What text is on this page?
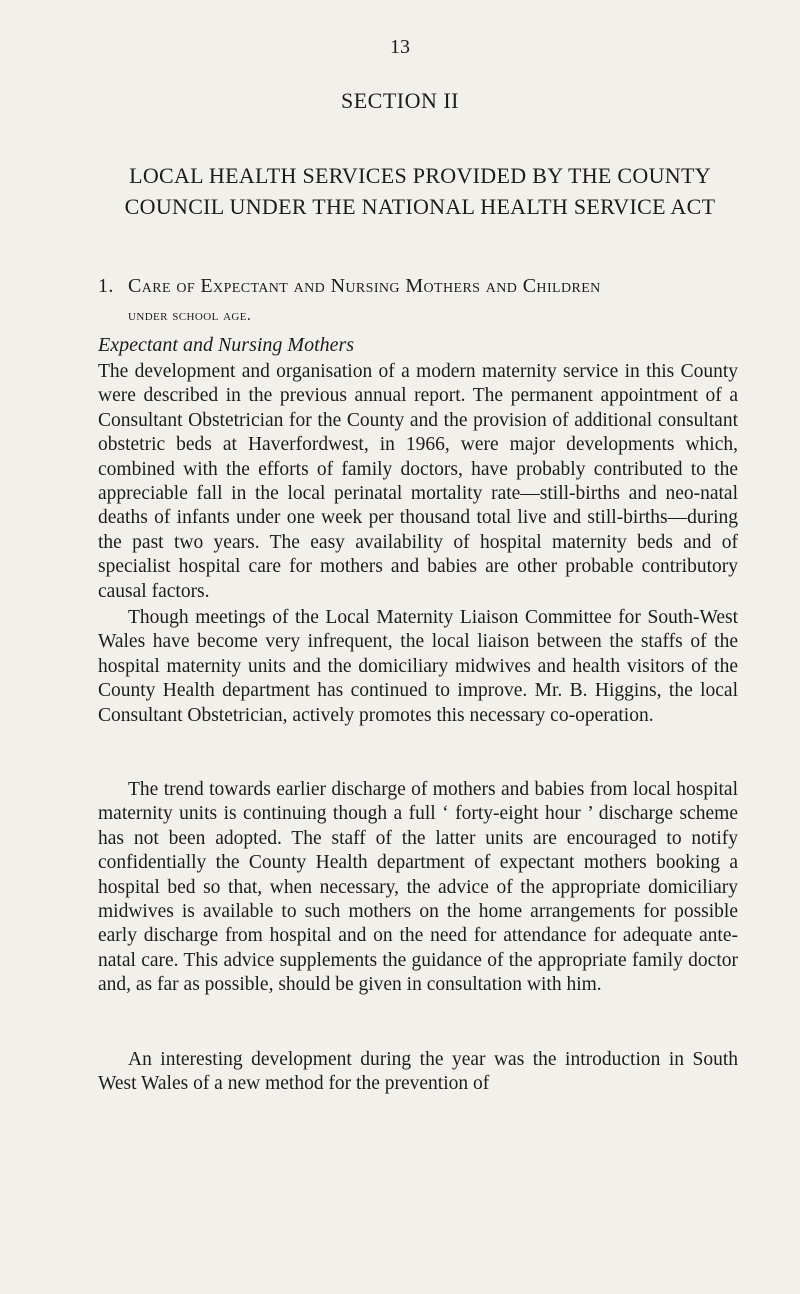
13
SECTION II
LOCAL HEALTH SERVICES PROVIDED BY THE COUNTY COUNCIL UNDER THE NATIONAL HEALTH SERVICE ACT
1. Care of Expectant and Nursing Mothers and Children
under school age.
Expectant and Nursing Mothers

The development and organisation of a modern maternity service in this County were described in the previous annual report. The permanent appointment of a Consultant Obstetrician for the County and the provision of additional consultant obstetric beds at Haverfordwest, in 1966, were major developments which, combined with the efforts of family doctors, have probably contributed to the appreciable fall in the local perinatal mortality rate—still-births and neo-natal deaths of infants under one week per thousand total live and still-births—during the past two years. The easy availability of hospital maternity beds and of specialist hospital care for mothers and babies are other probable contributory causal factors.

Though meetings of the Local Maternity Liaison Committee for South-West Wales have become very infrequent, the local liaison between the staffs of the hospital maternity units and the domiciliary midwives and health visitors of the County Health department has continued to improve. Mr. B. Higgins, the local Consultant Obstetrician, actively promotes this necessary co-operation.

The trend towards earlier discharge of mothers and babies from local hospital maternity units is continuing though a full ‘ forty-eight hour ’ discharge scheme has not been adopted. The staff of the latter units are encouraged to notify confidentially the County Health department of expectant mothers booking a hospital bed so that, when necessary, the advice of the appropriate domiciliary midwives is available to such mothers on the home arrangements for possible early discharge from hospital and on the need for attendance for adequate ante-natal care. This advice supplements the guidance of the appropriate family doctor and, as far as possible, should be given in consultation with him.

An interesting development during the year was the introduction in South West Wales of a new method for the prevention of
